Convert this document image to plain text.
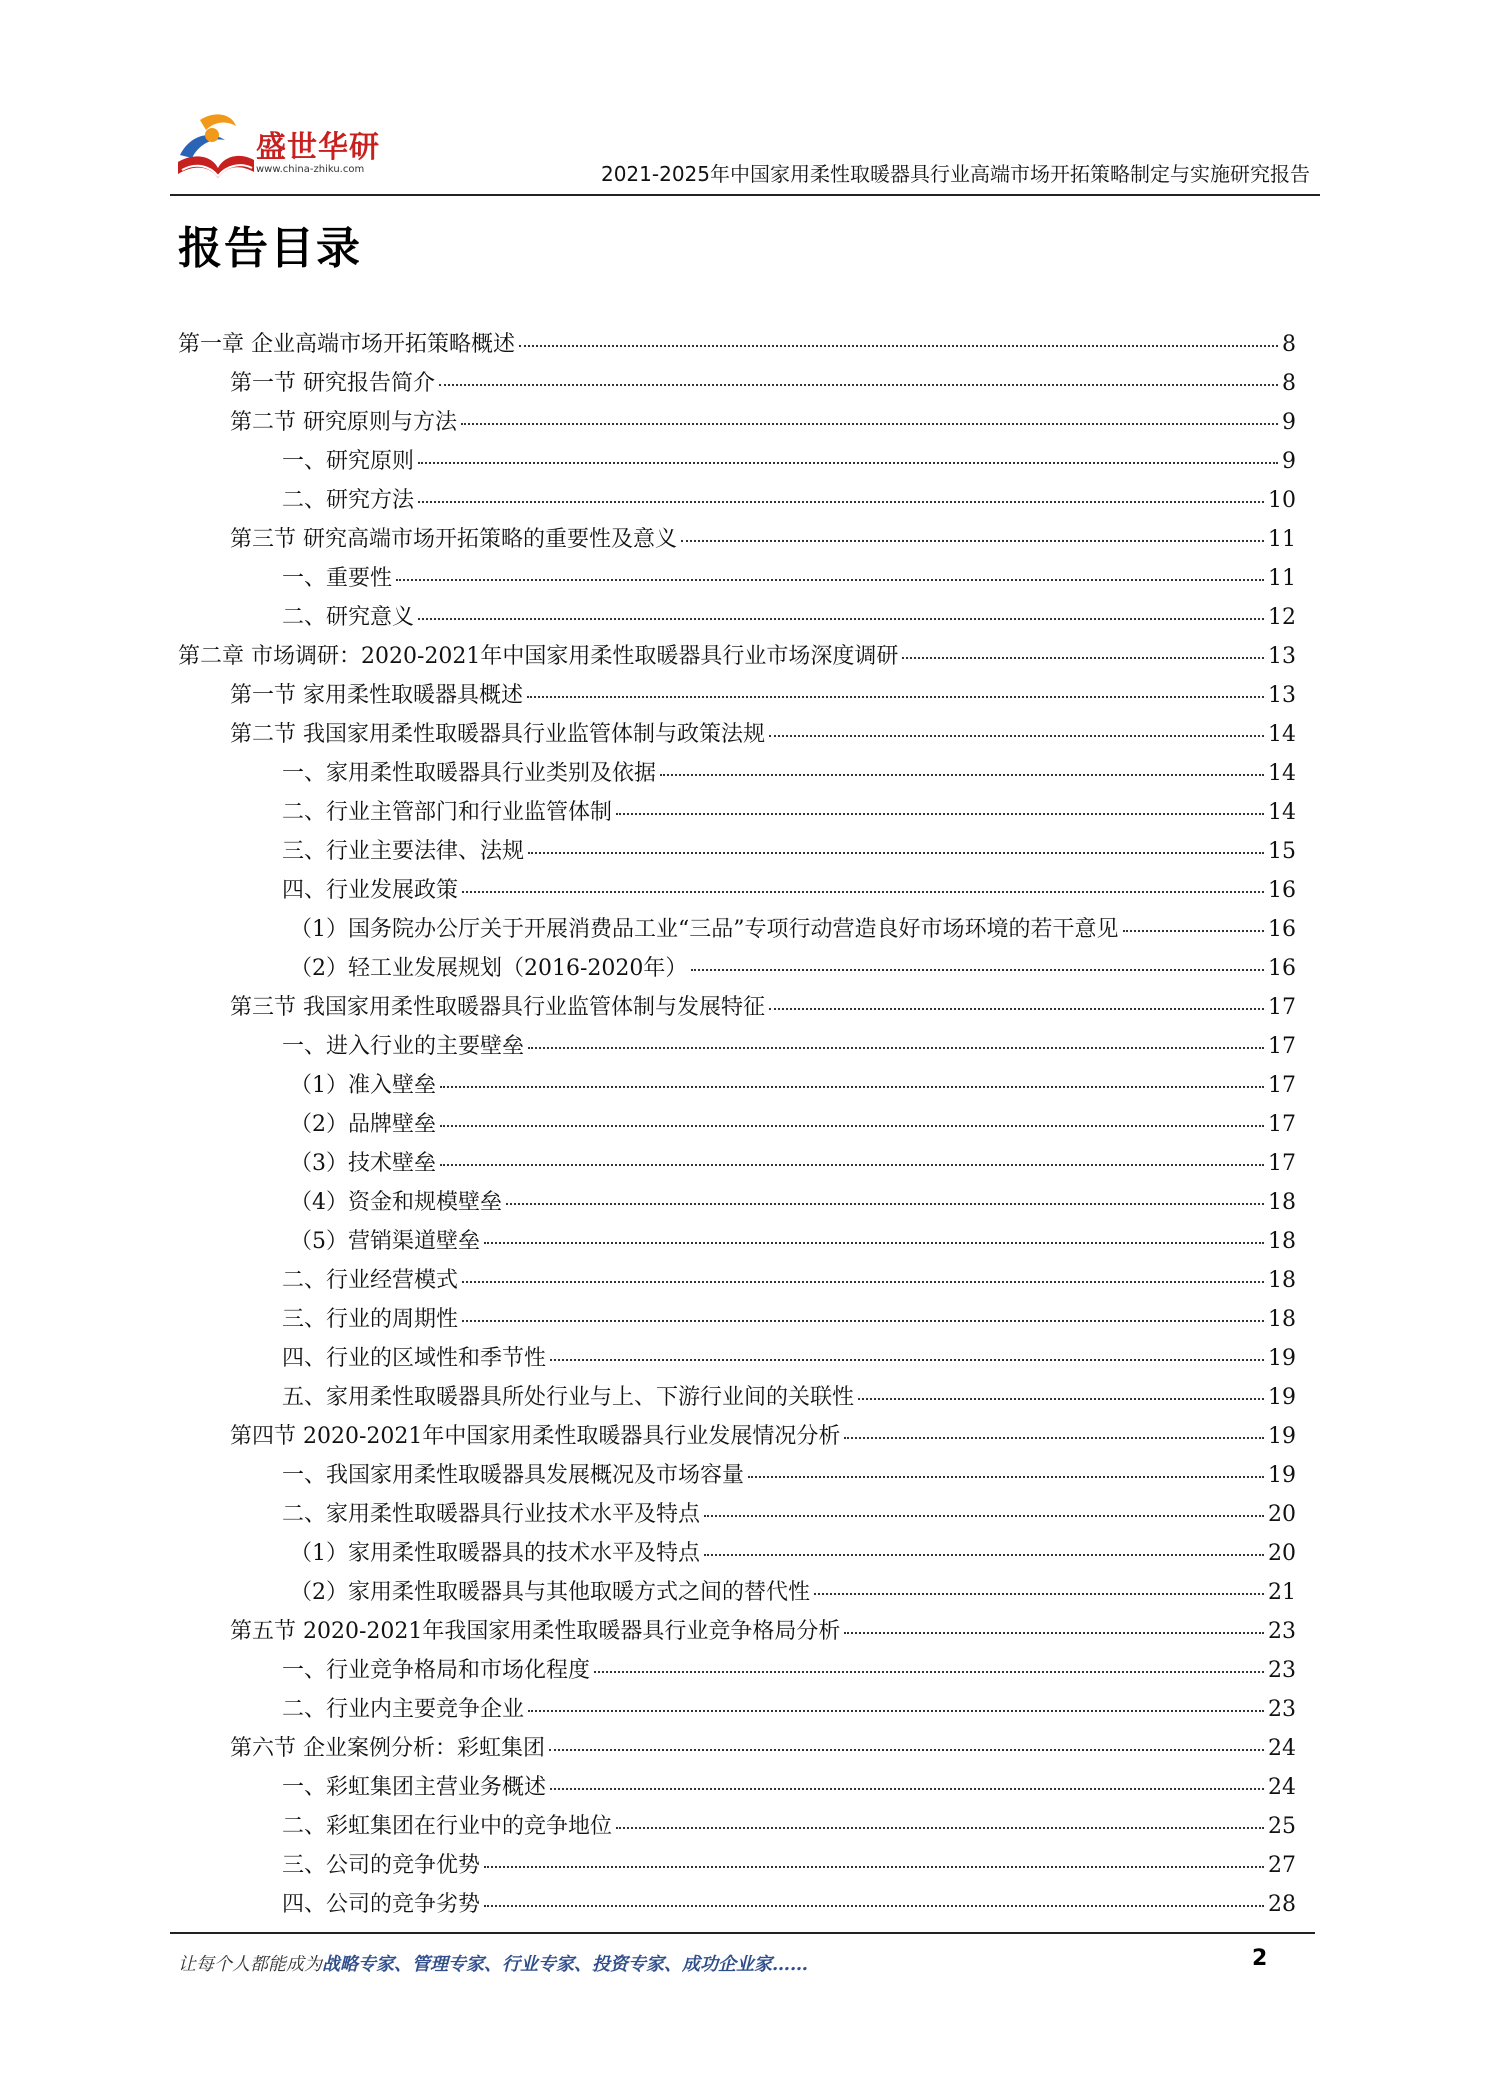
盛世华研
www.china-zhiku.com	2021-2025年中国家用柔性取暖器具行业高端市场开拓策略制定与实施研究报告
报告目录
第一章 企业高端市场开拓策略概述	8
第一节 研究报告简介	8
第二节 研究原则与方法	9
一、研究原则	9
二、研究方法	10
第三节 研究高端市场开拓策略的重要性及意义	11
一、重要性	11
二、研究意义	12
第二章 市场调研：2020-2021年中国家用柔性取暖器具行业市场深度调研	13
第一节 家用柔性取暖器具概述	13
第二节 我国家用柔性取暖器具行业监管体制与政策法规	14
一、家用柔性取暖器具行业类别及依据	14
二、行业主管部门和行业监管体制	14
三、行业主要法律、法规	15
四、行业发展政策	16
（1）国务院办公厅关于开展消费品工业“三品”专项行动营造良好市场环境的若干意见	16
（2）轻工业发展规划（2016-2020年）	16
第三节 我国家用柔性取暖器具行业监管体制与发展特征	17
一、进入行业的主要壁垒	17
（1）准入壁垒	17
（2）品牌壁垒	17
（3）技术壁垒	17
（4）资金和规模壁垒	18
（5）营销渠道壁垒	18
二、行业经营模式	18
三、行业的周期性	18
四、行业的区域性和季节性	19
五、家用柔性取暖器具所处行业与上、下游行业间的关联性	19
第四节 2020-2021年中国家用柔性取暖器具行业发展情况分析	19
一、我国家用柔性取暖器具发展概况及市场容量	19
二、家用柔性取暖器具行业技术水平及特点	20
（1）家用柔性取暖器具的技术水平及特点	20
（2）家用柔性取暖器具与其他取暖方式之间的替代性	21
第五节 2020-2021年我国家用柔性取暖器具行业竞争格局分析	23
一、行业竞争格局和市场化程度	23
二、行业内主要竞争企业	23
第六节 企业案例分析：彩虹集团	24
一、彩虹集团主营业务概述	24
二、彩虹集团在行业中的竞争地位	25
三、公司的竞争优势	27
四、公司的竞争劣势	28
让每个人都能成为战略专家、管理专家、行业专家、投资专家、成功企业家……	2
